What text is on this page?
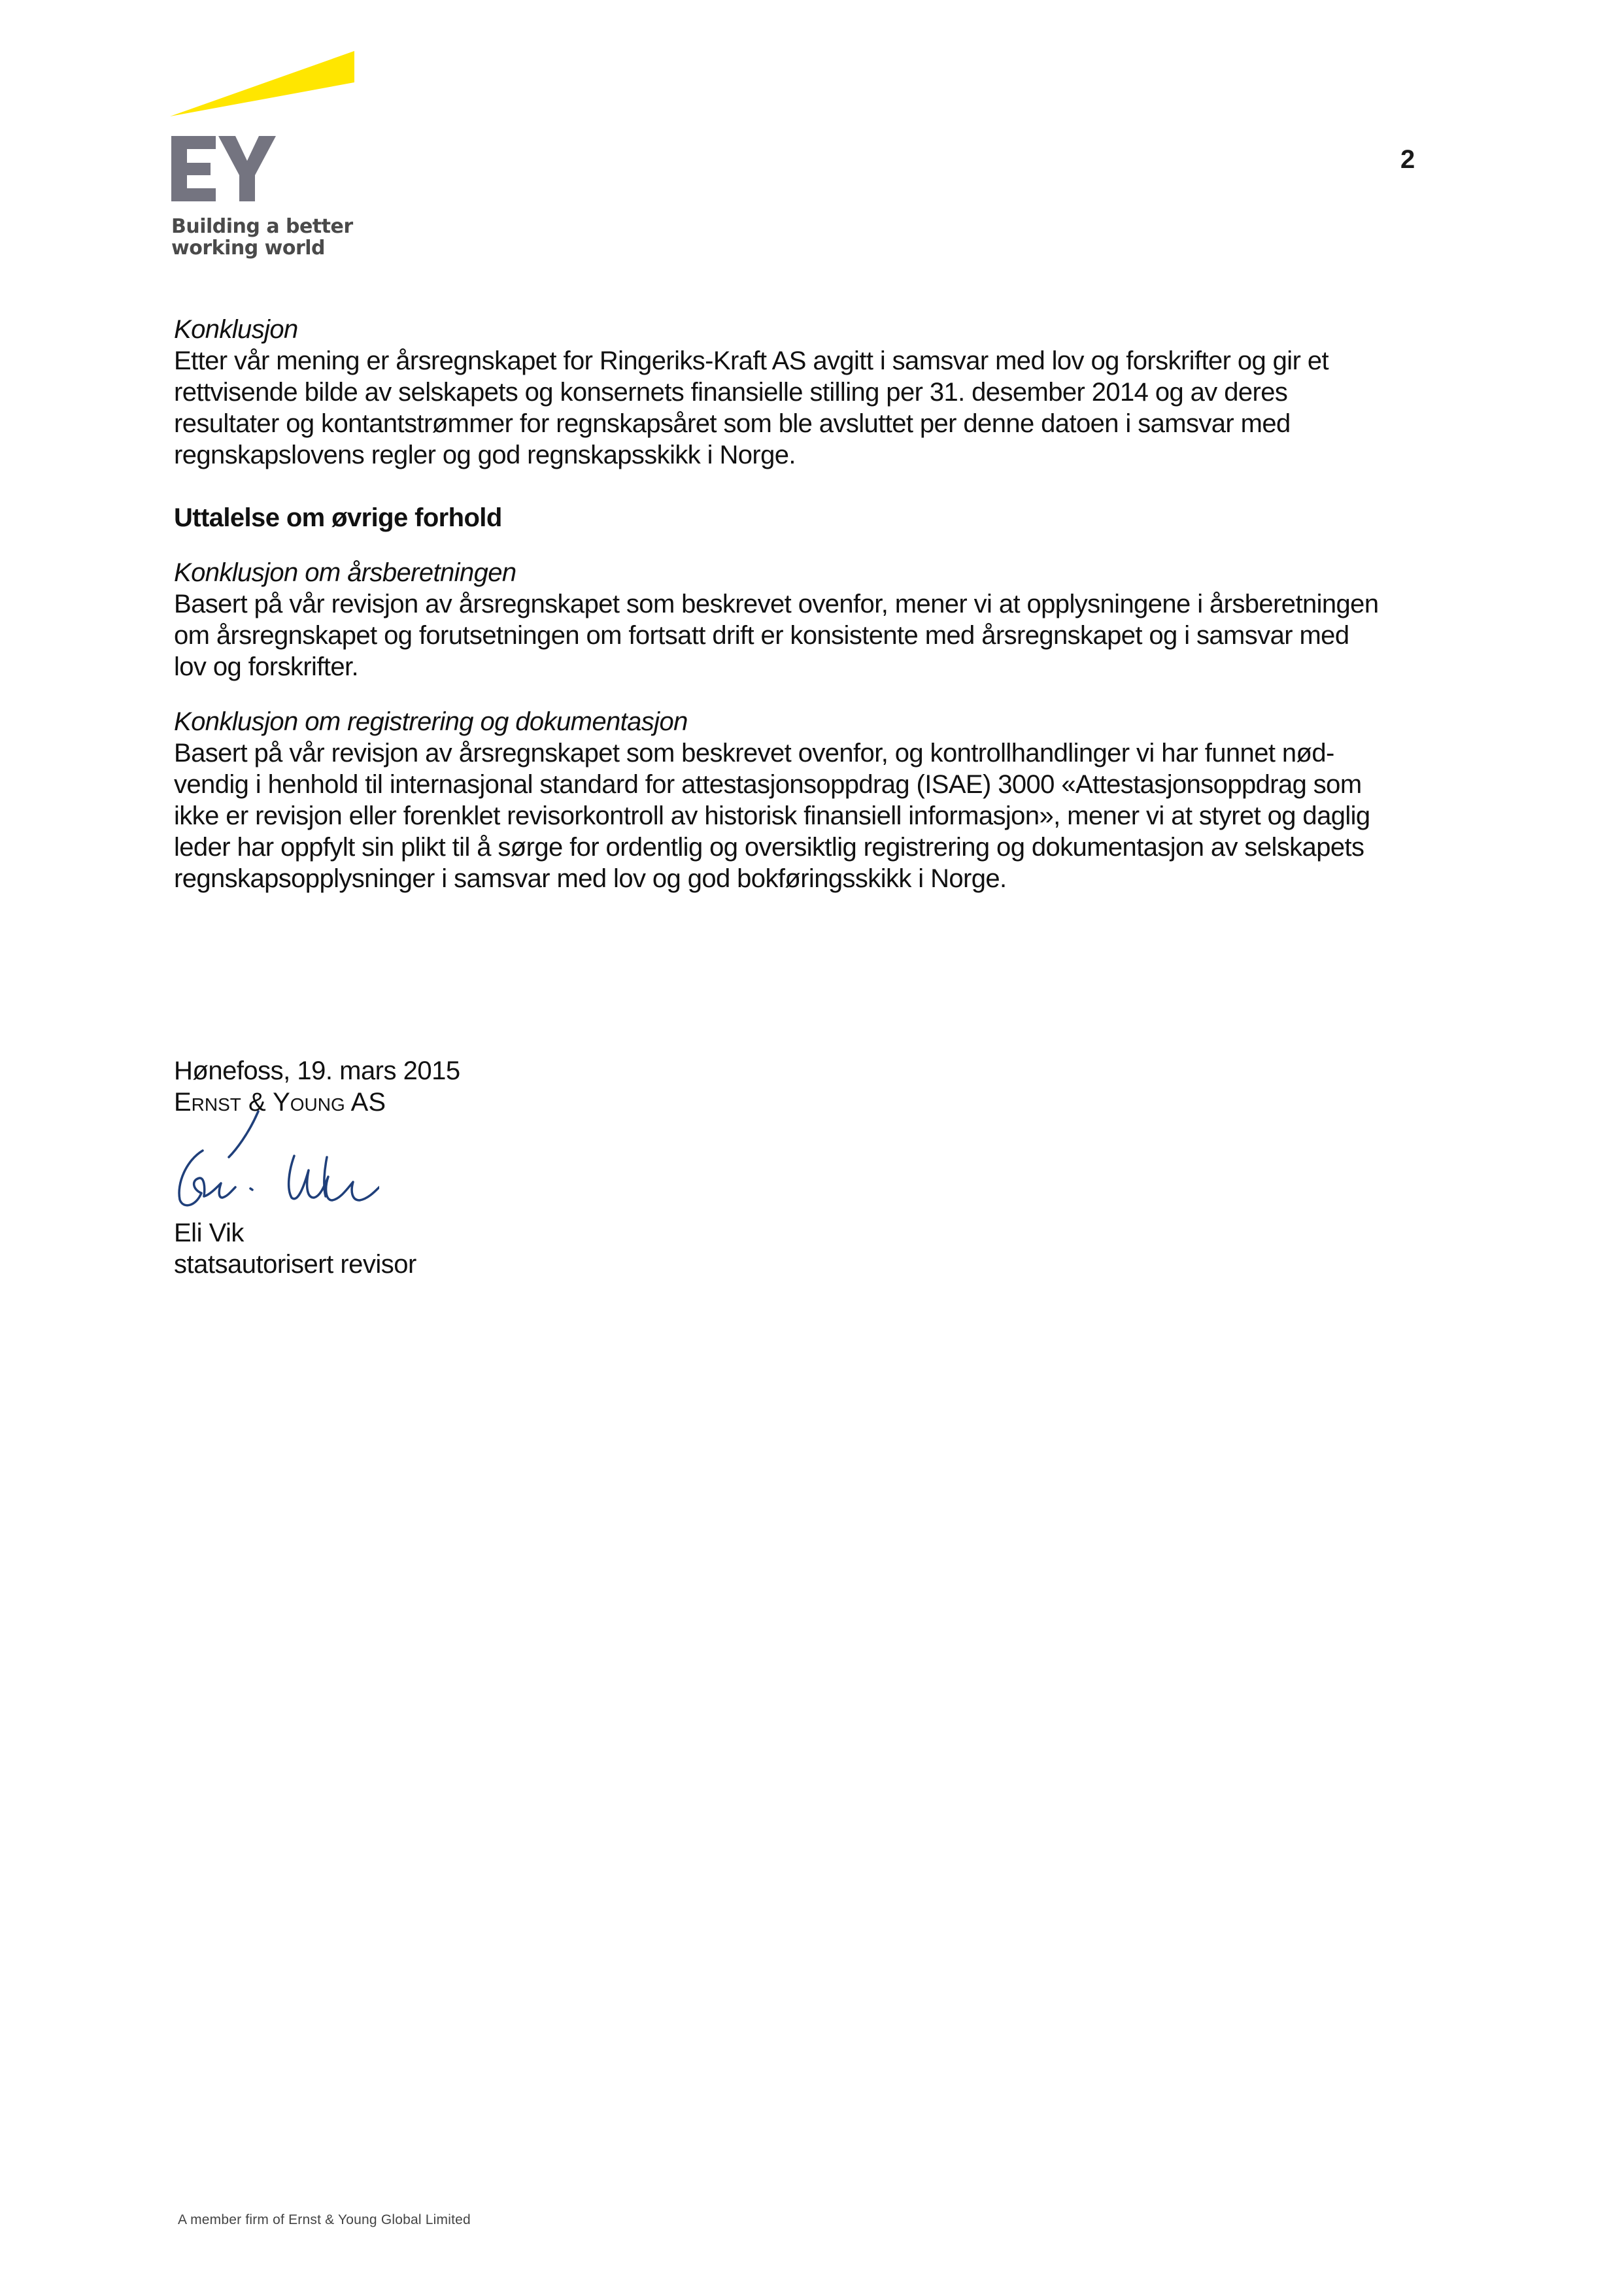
Building a better
working world
2

Konklusjon

Etter vår mening er årsregnskapet for Ringeriks-Kraft AS avgitt i samsvar med lov og forskrifter og gir et
rettvisende bilde av selskapets og konsernets finansielle stilling per 31. desember 2014 og av deres
resultater og kontantstrømmer for regnskapsåret som ble avsluttet per denne datoen i samsvar med
regnskapslovens regler og god regnskapsskikk i Norge.

Uttalelse om øvrige forhold

Konklusjon om årsberetningen

Basert på vår revisjon av årsregnskapet som beskrevet ovenfor, mener vi at opplysningene i årsberetningen
om årsregnskapet og forutsetningen om fortsatt drift er konsistente med årsregnskapet og i samsvar med
lov og forskrifter.

Konklusjon om registrering og dokumentasjon

Basert på vår revisjon av årsregnskapet som beskrevet ovenfor, og kontrollhandlinger vi har funnet nød-
vendig i henhold til internasjonal standard for attestasjonsoppdrag (ISAE) 3000 «Attestasjonsoppdrag som
ikke er revisjon eller forenklet revisorkontroll av historisk finansiell informasjon», mener vi at styret og daglig
leder har oppfylt sin plikt til å sørge for ordentlig og oversiktlig registrering og dokumentasjon av selskapets
regnskapsopplysninger i samsvar med lov og god bokføringsskikk i Norge.
Hønefoss, 19. mars 2015
Ernst & Young AS
Eli Vik
statsautorisert revisor
A member firm of Ernst & Young Global Limited
